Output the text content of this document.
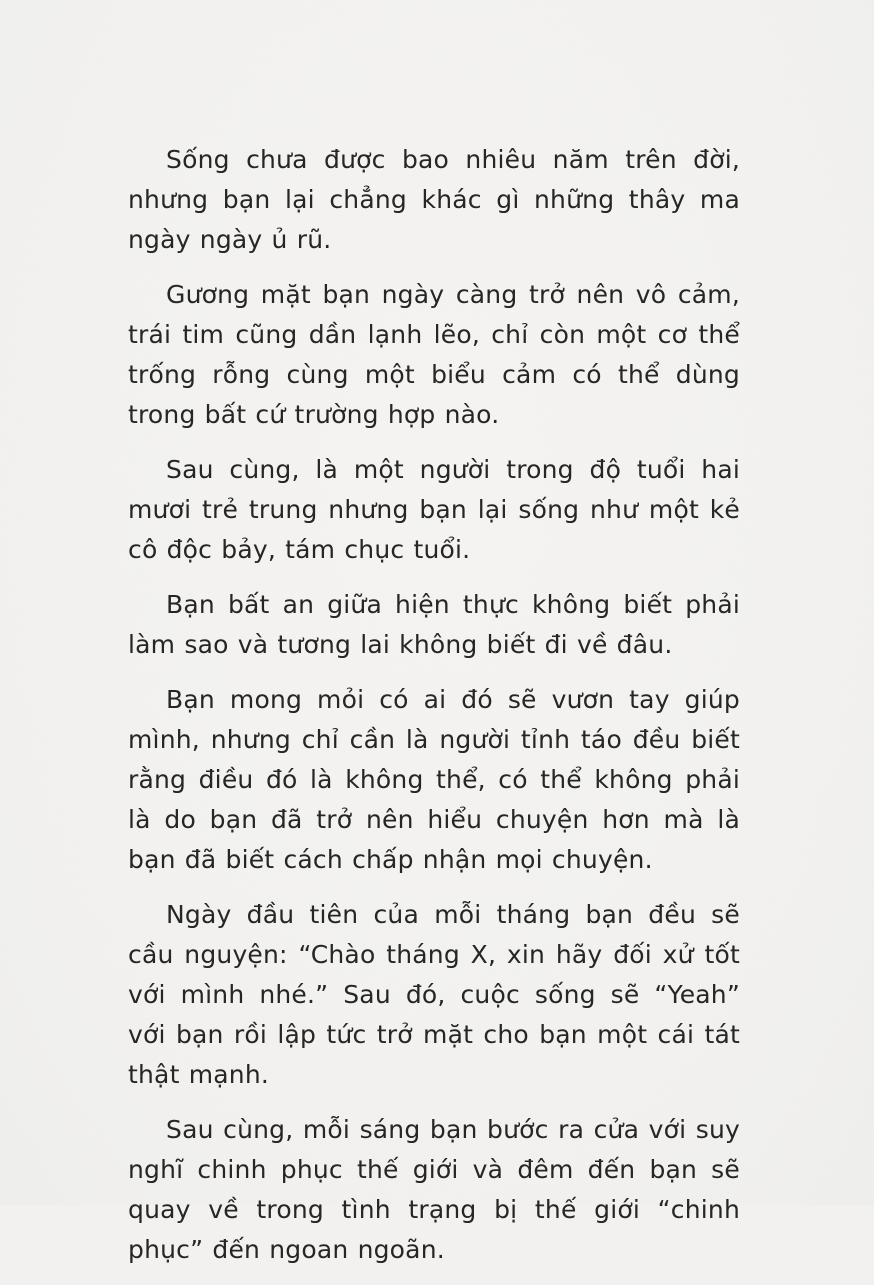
Sống chưa được bao nhiêu năm trên đời, nhưng bạn lại chẳng khác gì những thây ma ngày ngày ủ rũ.

Gương mặt bạn ngày càng trở nên vô cảm, trái tim cũng dần lạnh lẽo, chỉ còn một cơ thể trống rỗng cùng một biểu cảm có thể dùng trong bất cứ trường hợp nào.

Sau cùng, là một người trong độ tuổi hai mươi trẻ trung nhưng bạn lại sống như một kẻ cô độc bảy, tám chục tuổi.

Bạn bất an giữa hiện thực không biết phải làm sao và tương lai không biết đi về đâu.

Bạn mong mỏi có ai đó sẽ vươn tay giúp mình, nhưng chỉ cần là người tỉnh táo đều biết rằng điều đó là không thể, có thể không phải là do bạn đã trở nên hiểu chuyện hơn mà là bạn đã biết cách chấp nhận mọi chuyện.

Ngày đầu tiên của mỗi tháng bạn đều sẽ cầu nguyện: “Chào tháng X, xin hãy đối xử tốt với mình nhé.” Sau đó, cuộc sống sẽ “Yeah” với bạn rồi lập tức trở mặt cho bạn một cái tát thật mạnh.

Sau cùng, mỗi sáng bạn bước ra cửa với suy nghĩ chinh phục thế giới và đêm đến bạn sẽ quay về trong tình trạng bị thế giới “chinh phục” đến ngoan ngoãn.
